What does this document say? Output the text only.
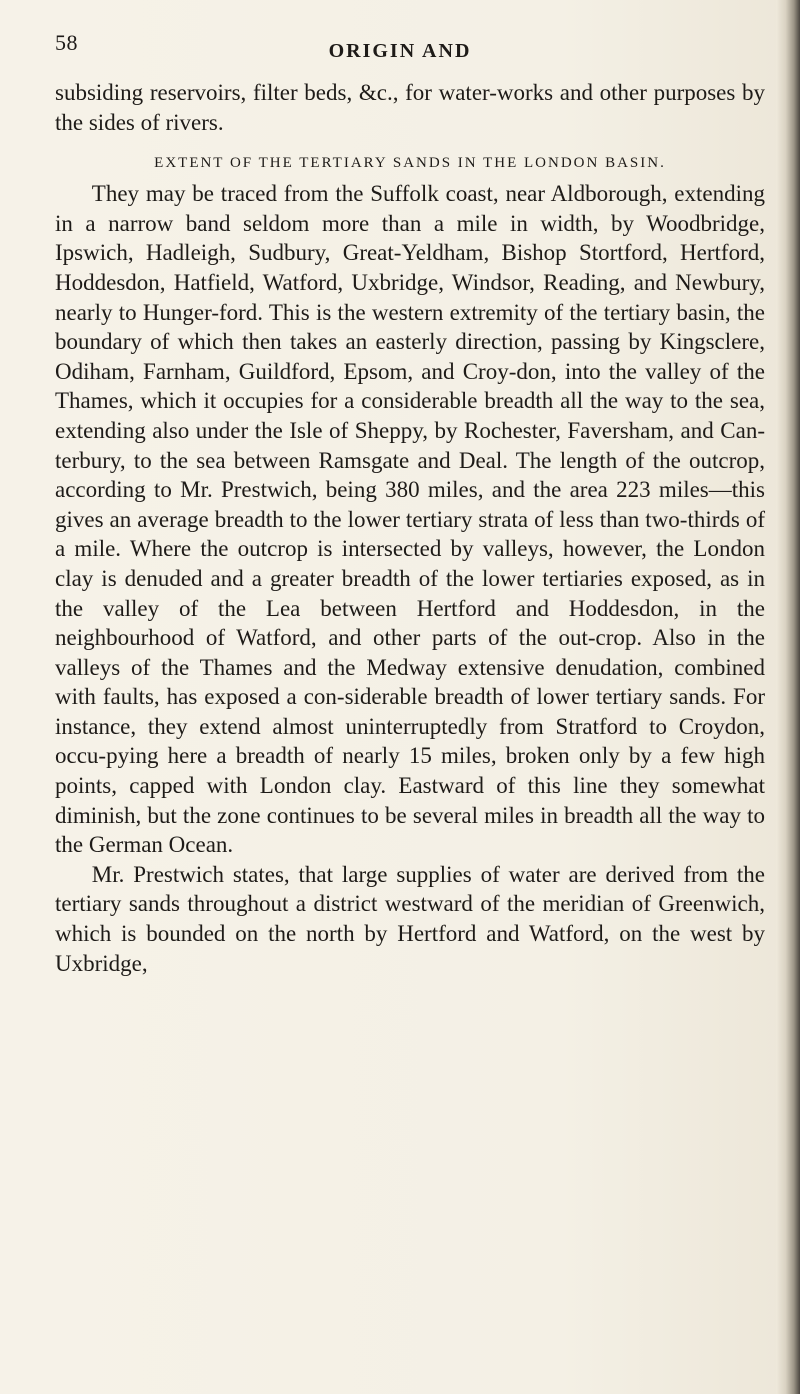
58	ORIGIN AND

subsiding reservoirs, filter beds, &c., for water-works and other purposes by the sides of rivers.

EXTENT OF THE TERTIARY SANDS IN THE LONDON BASIN.

They may be traced from the Suffolk coast, near Aldborough, extending in a narrow band seldom more than a mile in width, by Woodbridge, Ipswich, Hadleigh, Sudbury, Great-Yeldham, Bishop Stortford, Hertford, Hoddesdon, Hatfield, Watford, Uxbridge, Windsor, Reading, and Newbury, nearly to Hunger-ford. This is the western extremity of the tertiary basin, the boundary of which then takes an easterly direction, passing by Kingsclere, Odiham, Farnham, Guildford, Epsom, and Croy-don, into the valley of the Thames, which it occupies for a considerable breadth all the way to the sea, extending also under the Isle of Sheppy, by Rochester, Faversham, and Can-terbury, to the sea between Ramsgate and Deal. The length of the outcrop, according to Mr. Prestwich, being 380 miles, and the area 223 miles—this gives an average breadth to the lower tertiary strata of less than two-thirds of a mile. Where the outcrop is intersected by valleys, however, the London clay is denuded and a greater breadth of the lower tertiaries exposed, as in the valley of the Lea between Hertford and Hoddesdon, in the neighbourhood of Watford, and other parts of the out-crop. Also in the valleys of the Thames and the Medway extensive denudation, combined with faults, has exposed a con-siderable breadth of lower tertiary sands. For instance, they extend almost uninterruptedly from Stratford to Croydon, occu-pying here a breadth of nearly 15 miles, broken only by a few high points, capped with London clay. Eastward of this line they somewhat diminish, but the zone continues to be several miles in breadth all the way to the German Ocean.

Mr. Prestwich states, that large supplies of water are derived from the tertiary sands throughout a district westward of the meridian of Greenwich, which is bounded on the north by Hertford and Watford, on the west by Uxbridge,
